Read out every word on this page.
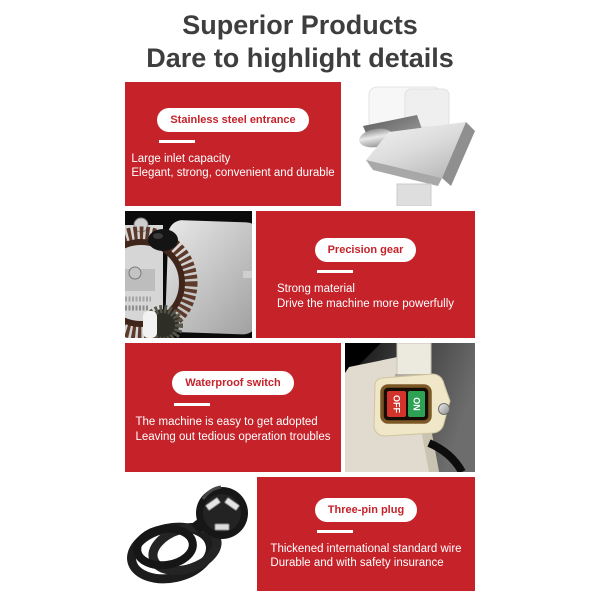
Superior Products
Dare to highlight details
Stainless steel entrance
Large inlet capacity
Elegant, strong, convenient and durable
Precision gear
Strong material
Drive the machine more powerfully
Waterproof switch
The machine is easy to get adopted
Leaving out tedious operation troubles
OFF ON
Three-pin plug
Thickened international standard wire
Durable and with safety insurance
